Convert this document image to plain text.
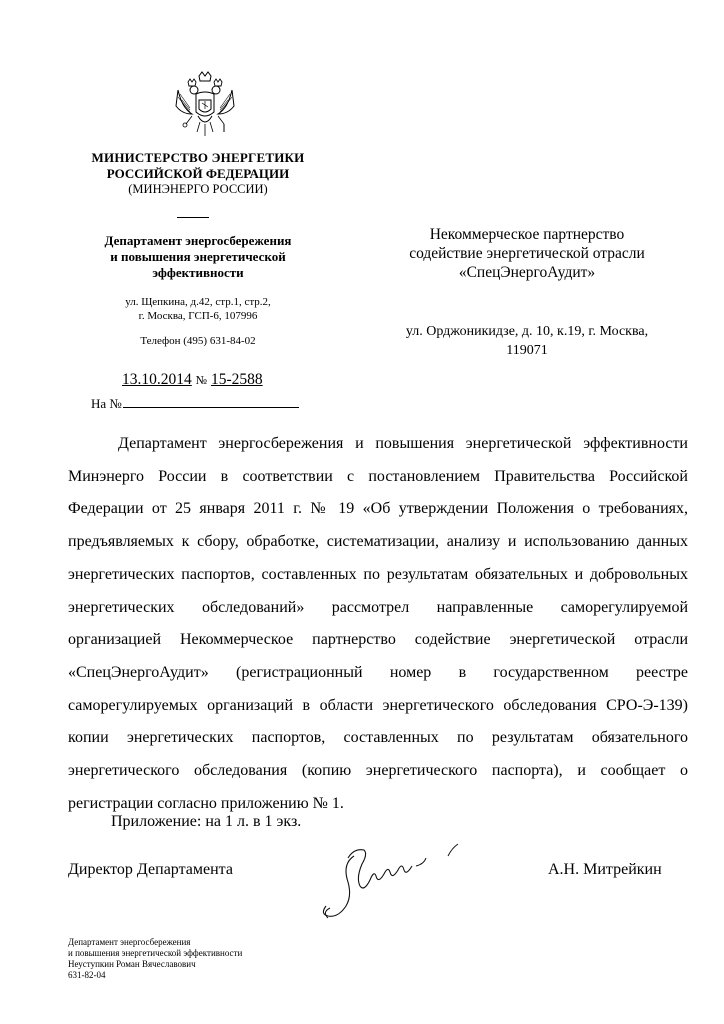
МИНИСТЕРСТВО ЭНЕРГЕТИКИ
РОССИЙСКОЙ ФЕДЕРАЦИИ
(МИНЭНЕРГО РОССИИ)
Департамент энергосбережения
и повышения энергетической
эффективности
ул. Щепкина, д.42, стр.1, стр.2,
г. Москва, ГСП-6, 107996
Телефон (495) 631-84-02
13.10.2014 № 15-2588
На №
Некоммерческое партнерство
содействие энергетической отрасли
«СпецЭнергоАудит»
ул. Орджоникидзе, д. 10, к.19, г. Москва,
119071
Департамент энергосбережения и повышения энергетической эффективности Минэнерго России в соответствии с постановлением Правительства Российской Федерации от 25 января 2011 г. № 19 «Об утверждении Положения о требованиях, предъявляемых к сбору, обработке, систематизации, анализу и использованию данных энергетических паспортов, составленных по результатам обязательных и добровольных энергетических обследований» рассмотрел направленные саморегулируемой организацией Некоммерческое партнерство содействие энергетической отрасли «СпецЭнергоАудит» (регистрационный номер в государственном реестре саморегулируемых организаций в области энергетического обследования СРО-Э-139) копии энергетических паспортов, составленных по результатам обязательного энергетического обследования (копию энергетического паспорта), и сообщает о регистрации согласно приложению № 1.
Приложение: на 1 л. в 1 экз.
Директор Департамента	А.Н. Митрейкин
Департамент энергосбережения
и повышения энергетической эффективности
Неуступкин Роман Вячеславович
631-82-04
